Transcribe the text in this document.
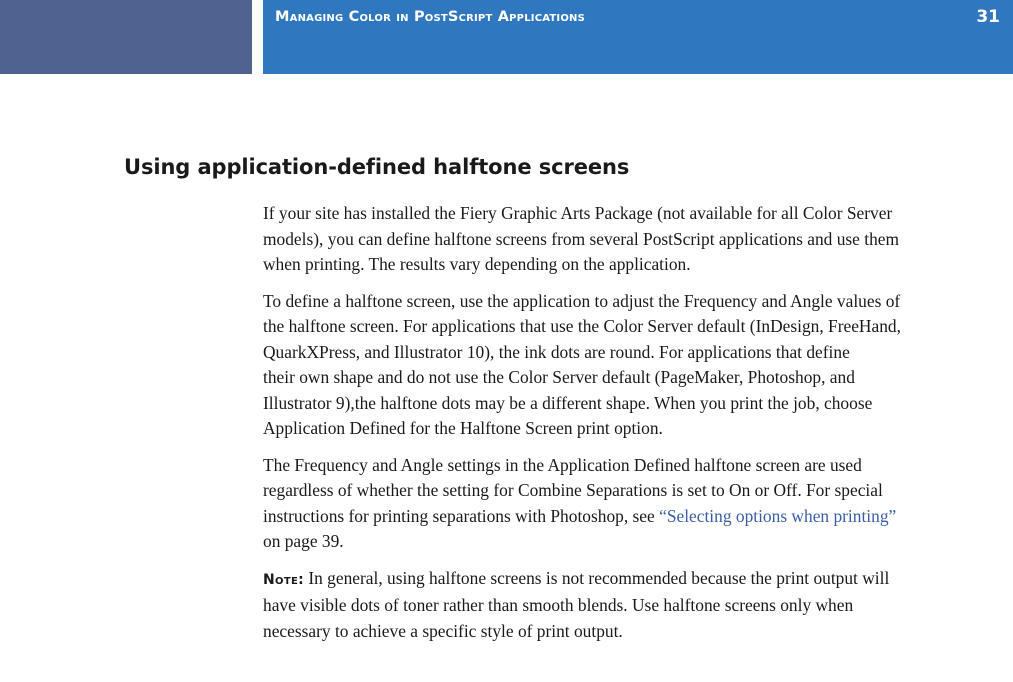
Managing Color in PostScript Applications	31
Using application-defined halftone screens

If your site has installed the Fiery Graphic Arts Package (not available for all Color Server
models), you can define halftone screens from several PostScript applications and use them
when printing. The results vary depending on the application.

To define a halftone screen, use the application to adjust the Frequency and Angle values of
the halftone screen. For applications that use the Color Server default (InDesign, FreeHand,
QuarkXPress, and Illustrator 10), the ink dots are round. For applications that define
their own shape and do not use the Color Server default (PageMaker, Photoshop, and
Illustrator 9),the halftone dots may be a different shape. When you print the job, choose
Application Defined for the Halftone Screen print option.

The Frequency and Angle settings in the Application Defined halftone screen are used
regardless of whether the setting for Combine Separations is set to On or Off. For special
instructions for printing separations with Photoshop, see “Selecting options when printing”
on page 39.

Note: In general, using halftone screens is not recommended because the print output will
have visible dots of toner rather than smooth blends. Use halftone screens only when
necessary to achieve a specific style of print output.
